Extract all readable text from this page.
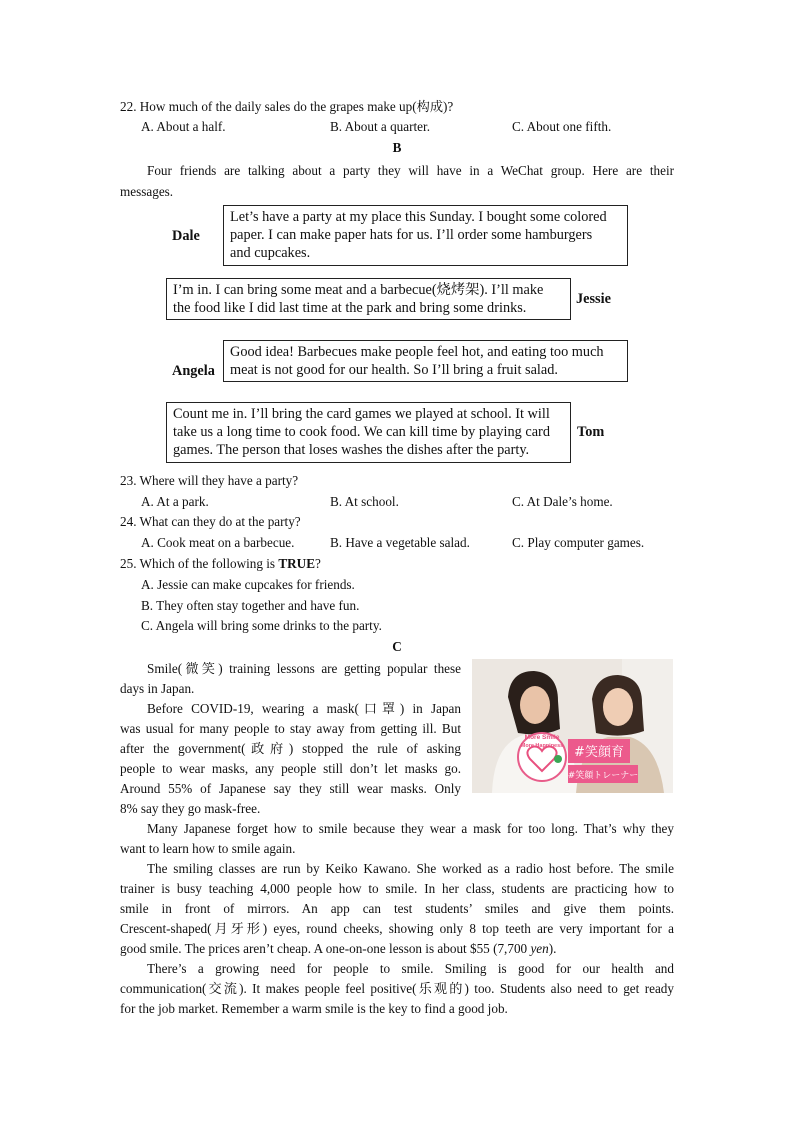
22. How much of the daily sales do the grapes make up(构成)?
A. About a half.	B. About a quarter.	C. About one fifth.
B
Four friends are talking about a party they will have in a WeChat group. Here are their
messages.
Dale
Let’s have a party at my place this Sunday. I bought some colored
paper. I can make paper hats for us. I’ll order some hamburgers
and cupcakes.
I’m in. I can bring some meat and a barbecue(烧烤架). I’ll make
the food like I did last time at the park and bring some drinks.
Jessie
Angela
Good idea! Barbecues make people feel hot, and eating too much
meat is not good for our health. So I’ll bring a fruit salad.
Count me in. I’ll bring the card games we played at school. It will
take us a long time to cook food. We can kill time by playing card
games. The person that loses washes the dishes after the party.
Tom
23. Where will they have a party?
A. At a park.	B. At school.	C. At Dale’s home.
24. What can they do at the party?
A. Cook meat on a barbecue.	B. Have a vegetable salad.	C. Play computer games.
25. Which of the following is TRUE?
A. Jessie can make cupcakes for friends.
B. They often stay together and have fun.
C. Angela will bring some drinks to the party.
C
More Smile
More Happiness #笑顔育
#笑顔トレーナー
Smile(微笑) training lessons are getting popular these
days in Japan.
Before COVID-19, wearing a mask(口罩) in Japan
was usual for many people to stay away from getting ill. But
after the government(政府) stopped the rule of asking
people to wear masks, any people still don’t let masks go.
Around 55% of Japanese say they still wear masks. Only
8% say they go mask-free.
Many Japanese forget how to smile because they wear a mask for too long. That’s why they
want to learn how to smile again.
The smiling classes are run by Keiko Kawano. She worked as a radio host before. The smile
trainer is busy teaching 4,000 people how to smile. In her class, students are practicing how to
smile in front of mirrors. An app can test students’ smiles and give them points.
Crescent-shaped(月牙形) eyes, round cheeks, showing only 8 top teeth are very important for a
good smile. The prices aren’t cheap. A one-on-one lesson is about $55 (7,700 yen).
There’s a growing need for people to smile. Smiling is good for our health and
communication(交流). It makes people feel positive(乐观的) too. Students also need to get ready
for the job market. Remember a warm smile is the key to find a good job.
